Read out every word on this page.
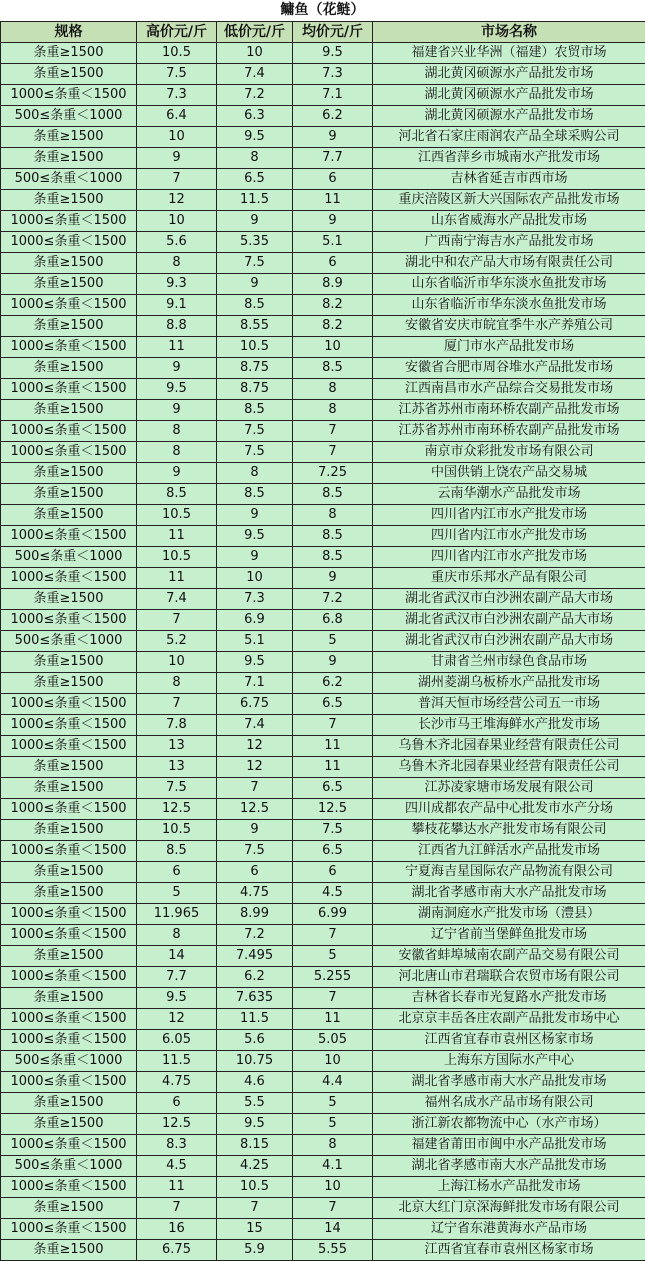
鳙鱼（花鲢）
规格	高价元/斤	低价元/斤	均价元/斤	市场名称
条重≥1500	10.5	10	9.5	福建省兴业华洲（福建）农贸市场
条重≥1500	7.5	7.4	7.3	湖北黄冈硕源水产品批发市场
1000≤条重＜1500	7.3	7.2	7.1	湖北黄冈硕源水产品批发市场
500≤条重＜1000	6.4	6.3	6.2	湖北黄冈硕源水产品批发市场
条重≥1500	10	9.5	9	河北省石家庄雨润农产品全球采购公司
条重≥1500	9	8	7.7	江西省萍乡市城南水产批发市场
500≤条重＜1000	7	6.5	6	吉林省延吉市西市场
条重≥1500	12	11.5	11	重庆涪陵区新大兴国际农产品批发市场
1000≤条重＜1500	10	9	9	山东省威海水产品批发市场
1000≤条重＜1500	5.6	5.35	5.1	广西南宁海吉水产品批发市场
条重≥1500	8	7.5	6	湖北中和农产品大市场有限责任公司
条重≥1500	9.3	9	8.9	山东省临沂市华东淡水鱼批发市场
1000≤条重＜1500	9.1	8.5	8.2	山东省临沂市华东淡水鱼批发市场
条重≥1500	8.8	8.55	8.2	安徽省安庆市皖宜季牛水产养殖公司
1000≤条重＜1500	11	10.5	10	厦门市水产品批发市场
条重≥1500	9	8.75	8.5	安徽省合肥市周谷堆水产品批发市场
1000≤条重＜1500	9.5	8.75	8	江西南昌市水产品综合交易批发市场
条重≥1500	9	8.5	8	江苏省苏州市南环桥农副产品批发市场
1000≤条重＜1500	8	7.5	7	江苏省苏州市南环桥农副产品批发市场
1000≤条重＜1500	8	7.5	7	南京市众彩批发市场有限公司
条重≥1500	9	8	7.25	中国供销上饶农产品交易城
条重≥1500	8.5	8.5	8.5	云南华潮水产品批发市场
条重≥1500	10.5	9	8	四川省内江市水产批发市场
1000≤条重＜1500	11	9.5	8.5	四川省内江市水产批发市场
500≤条重＜1000	10.5	9	8.5	四川省内江市水产批发市场
1000≤条重＜1500	11	10	9	重庆市乐邦水产品有限公司
条重≥1500	7.4	7.3	7.2	湖北省武汉市白沙洲农副产品大市场
1000≤条重＜1500	7	6.9	6.8	湖北省武汉市白沙洲农副产品大市场
500≤条重＜1000	5.2	5.1	5	湖北省武汉市白沙洲农副产品大市场
条重≥1500	10	9.5	9	甘肃省兰州市绿色食品市场
条重≥1500	8	7.1	6.2	湖州菱湖乌板桥水产品批发市场
1000≤条重＜1500	7	6.75	6.5	普洱天恒市场经营公司五一市场
1000≤条重＜1500	7.8	7.4	7	长沙市马王堆海鲜水产批发市场
1000≤条重＜1500	13	12	11	乌鲁木齐北园春果业经营有限责任公司
条重≥1500	13	12	11	乌鲁木齐北园春果业经营有限责任公司
条重≥1500	7.5	7	6.5	江苏凌家塘市场发展有限公司
1000≤条重＜1500	12.5	12.5	12.5	四川成都农产品中心批发市水产分场
条重≥1500	10.5	9	7.5	攀枝花攀达水产批发市场有限公司
1000≤条重＜1500	8.5	7.5	6.5	江西省九江鲜活水产品批发市场
条重≥1500	6	6	6	宁夏海吉星国际农产品物流有限公司
条重≥1500	5	4.75	4.5	湖北省孝感市南大水产品批发市场
1000≤条重＜1500	11.965	8.99	6.99	湖南洞庭水产批发市场（澧县）
1000≤条重＜1500	8	7.2	7	辽宁省前当堡鲜鱼批发市场
条重≥1500	14	7.495	5	安徽省蚌埠城南农副产品交易有限公司
1000≤条重＜1500	7.7	6.2	5.255	河北唐山市君瑞联合农贸市场有限公司
条重≥1500	9.5	7.635	7	吉林省长春市光复路水产批发市场
1000≤条重＜1500	12	11.5	11	北京京丰岳各庄农副产品批发市场中心
1000≤条重＜1500	6.05	5.6	5.05	江西省宜春市袁州区杨家市场
500≤条重＜1000	11.5	10.75	10	上海东方国际水产中心
1000≤条重＜1500	4.75	4.6	4.4	湖北省孝感市南大水产品批发市场
条重≥1500	6	5.5	5	福州名成水产品市场有限公司
条重≥1500	12.5	9.5	5	浙江新农都物流中心（水产市场）
1000≤条重＜1500	8.3	8.15	8	福建省莆田市闽中水产品批发市场
500≤条重＜1000	4.5	4.25	4.1	湖北省孝感市南大水产品批发市场
1000≤条重＜1500	11	10.5	10	上海江杨水产品批发市场
条重≥1500	7	7	7	北京大红门京深海鲜批发市场有限公司
1000≤条重＜1500	16	15	14	辽宁省东港黄海水产品市场
条重≥1500	6.75	5.9	5.55	江西省宜春市袁州区杨家市场
